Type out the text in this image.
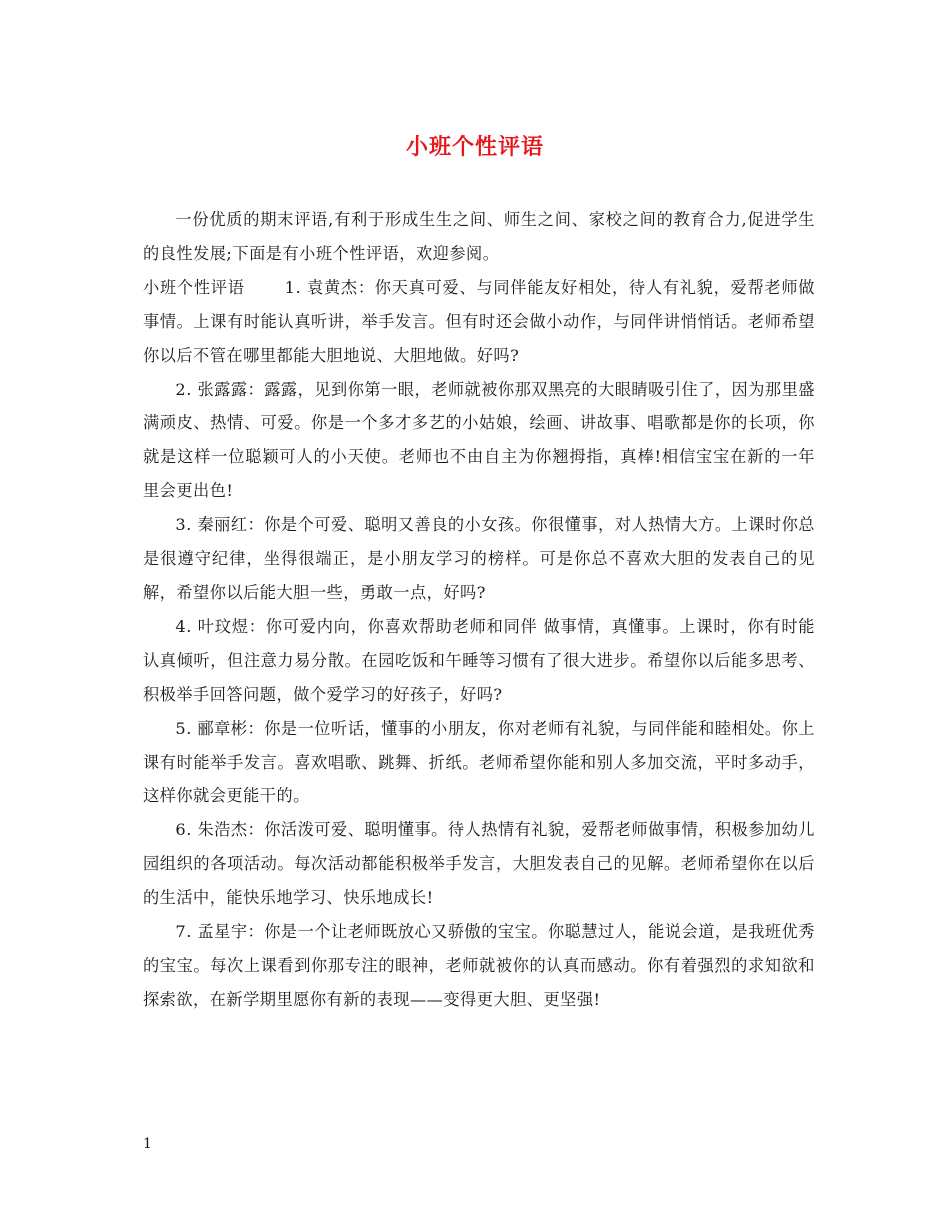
小班个性评语

一份优质的期末评语,有利于形成生生之间、师生之间、家校之间的教育合力,促进学生的良性发展;下面是有小班个性评语，欢迎参阅。

小班个性评语 1. 袁黄杰：你天真可爱、与同伴能友好相处，待人有礼貌，爱帮老师做事情。上课有时能认真听讲，举手发言。但有时还会做小动作，与同伴讲悄悄话。老师希望你以后不管在哪里都能大胆地说、大胆地做。好吗?

2. 张露露：露露，见到你第一眼，老师就被你那双黑亮的大眼睛吸引住了，因为那里盛满顽皮、热情、可爱。你是一个多才多艺的小姑娘，绘画、讲故事、唱歌都是你的长项，你就是这样一位聪颖可人的小天使。老师也不由自主为你翘拇指，真棒!相信宝宝在新的一年里会更出色!

3. 秦丽红：你是个可爱、聪明又善良的小女孩。你很懂事，对人热情大方。上课时你总是很遵守纪律，坐得很端正，是小朋友学习的榜样。可是你总不喜欢大胆的发表自己的见解，希望你以后能大胆一些，勇敢一点，好吗?

4. 叶玟煜：你可爱内向，你喜欢帮助老师和同伴 做事情，真懂事。上课时，你有时能认真倾听，但注意力易分散。在园吃饭和午睡等习惯有了很大进步。希望你以后能多思考、积极举手回答问题，做个爱学习的好孩子，好吗?

5. 郦章彬：你是一位听话，懂事的小朋友，你对老师有礼貌，与同伴能和睦相处。你上课有时能举手发言。喜欢唱歌、跳舞、折纸。老师希望你能和别人多加交流，平时多动手，这样你就会更能干的。

6. 朱浩杰：你活泼可爱、聪明懂事。待人热情有礼貌，爱帮老师做事情，积极参加幼儿园组织的各项活动。每次活动都能积极举手发言，大胆发表自己的见解。老师希望你在以后的生活中，能快乐地学习、快乐地成长!

7. 孟星宇：你是一个让老师既放心又骄傲的宝宝。你聪慧过人，能说会道，是我班优秀的宝宝。每次上课看到你那专注的眼神，老师就被你的认真而感动。你有着强烈的求知欲和探索欲，在新学期里愿你有新的表现——变得更大胆、更坚强!

1
